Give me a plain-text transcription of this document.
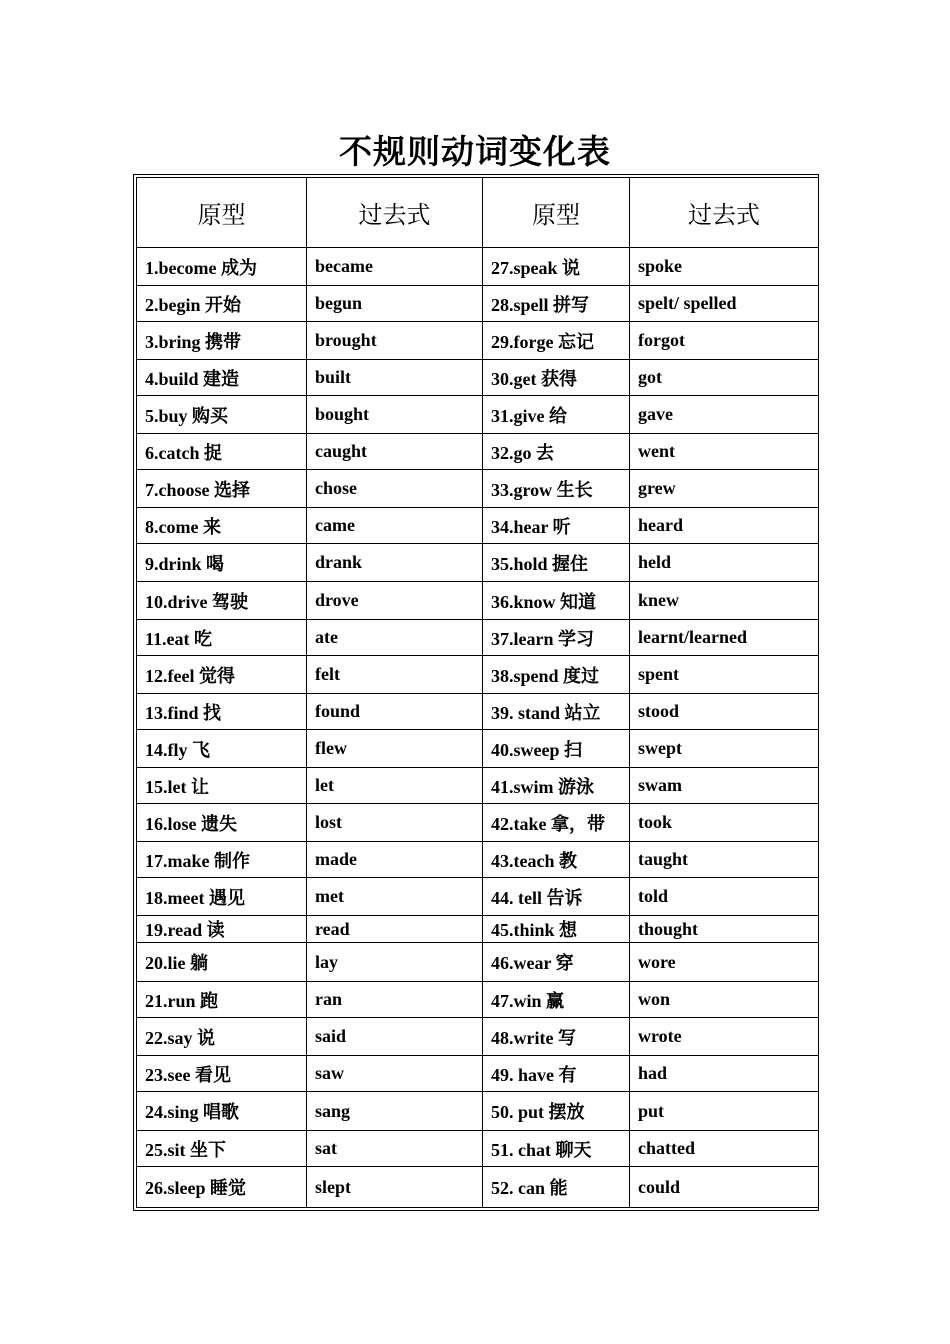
不规则动词变化表
原型	过去式	原型	过去式
1.become 成为	became	27.speak 说	spoke
2.begin 开始	begun	28.spell 拼写	spelt/ spelled
3.bring 携带	brought	29.forge 忘记	forgot
4.build 建造	built	30.get 获得	got
5.buy 购买	bought	31.give 给	gave
6.catch 捉	caught	32.go 去	went
7.choose 选择	chose	33.grow 生长	grew
8.come 来	came	34.hear 听	heard
9.drink 喝	drank	35.hold 握住	held
10.drive 驾驶	drove	36.know 知道	knew
11.eat 吃	ate	37.learn 学习	learnt/learned
12.feel 觉得	felt	38.spend 度过	spent
13.find 找	found	39. stand 站立	stood
14.fly 飞	flew	40.sweep 扫	swept
15.let 让	let	41.swim 游泳	swam
16.lose 遗失	lost	42.take 拿，带	took
17.make 制作	made	43.teach 教	taught
18.meet 遇见	met	44. tell 告诉	told
19.read 读	read	45.think 想	thought
20.lie 躺	lay	46.wear 穿	wore
21.run 跑	ran	47.win 赢	won
22.say 说	said	48.write 写	wrote
23.see 看见	saw	49. have 有	had
24.sing 唱歌	sang	50. put 摆放	put
25.sit 坐下	sat	51. chat 聊天	chatted
26.sleep 睡觉	slept	52. can 能	could
